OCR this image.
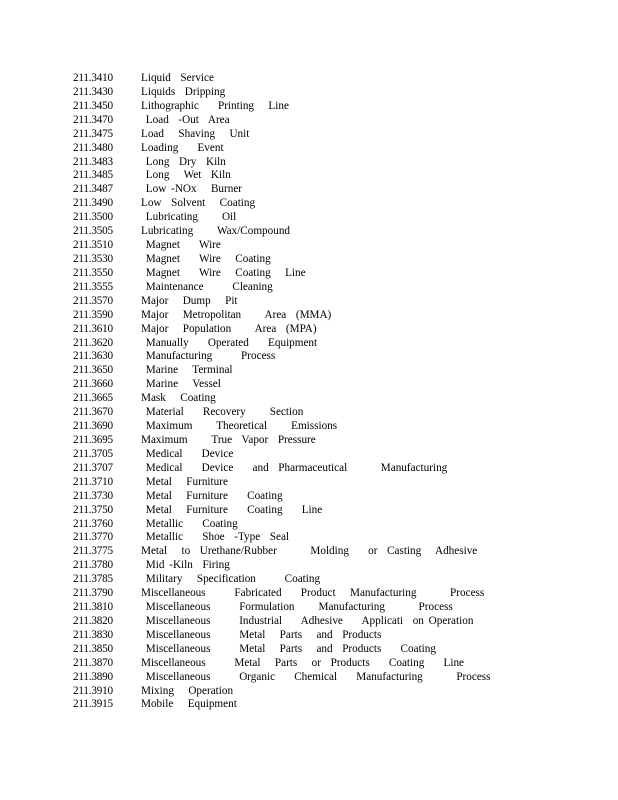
211.3410	Liquid  Service
211.3430	Liquids  Dripping
211.3450	Lithographic    Printing   Line
211.3470	Load  -Out  Area
211.3475	Load   Shaving   Unit
211.3480	Loading    Event
211.3483	Long  Dry  Kiln
211.3485	Long   Wet  Kiln
211.3487	Low -NOx   Burner
211.3490	Low  Solvent   Coating
211.3500	Lubricating     Oil
211.3505	Lubricating     Wax/Compound
211.3510	Magnet    Wire
211.3530	Magnet    Wire   Coating
211.3550	Magnet    Wire   Coating   Line
211.3555	Maintenance      Cleaning
211.3570	Major   Dump   Pit
211.3590	Major   Metropolitan     Area  (MMA)
211.3610	Major   Population     Area  (MPA)
211.3620	Manually    Operated    Equipment
211.3630	Manufacturing      Process
211.3650	Marine   Terminal
211.3660	Marine   Vessel
211.3665	Mask   Coating
211.3670	Material    Recovery     Section
211.3690	Maximum     Theoretical     Emissions
211.3695	Maximum     True  Vapor  Pressure
211.3705	Medical    Device
211.3707	Medical    Device    and  Pharmaceutical       Manufacturing
211.3710	Metal   Furniture
211.3730	Metal   Furniture    Coating
211.3750	Metal   Furniture    Coating    Line
211.3760	Metallic    Coating
211.3770	Metallic    Shoe  -Type  Seal
211.3775	Metal   to  Urethane/Rubber       Molding    or  Casting   Adhesive
211.3780	Mid -Kiln  Firing
211.3785	Military   Specification      Coating
211.3790	Miscellaneous      Fabricated    Product   Manufacturing       Process
211.3810	Miscellaneous      Formulation     Manufacturing       Process
211.3820	Miscellaneous      Industrial    Adhesive    Applicati  on Operation
211.3830	Miscellaneous      Metal   Parts   and  Products
211.3850	Miscellaneous      Metal   Parts   and  Products    Coating
211.3870	Miscellaneous      Metal   Parts   or  Products    Coating    Line
211.3890	Miscellaneous      Organic    Chemical    Manufacturing       Process
211.3910	Mixing   Operation
211.3915	Mobile   Equipment
